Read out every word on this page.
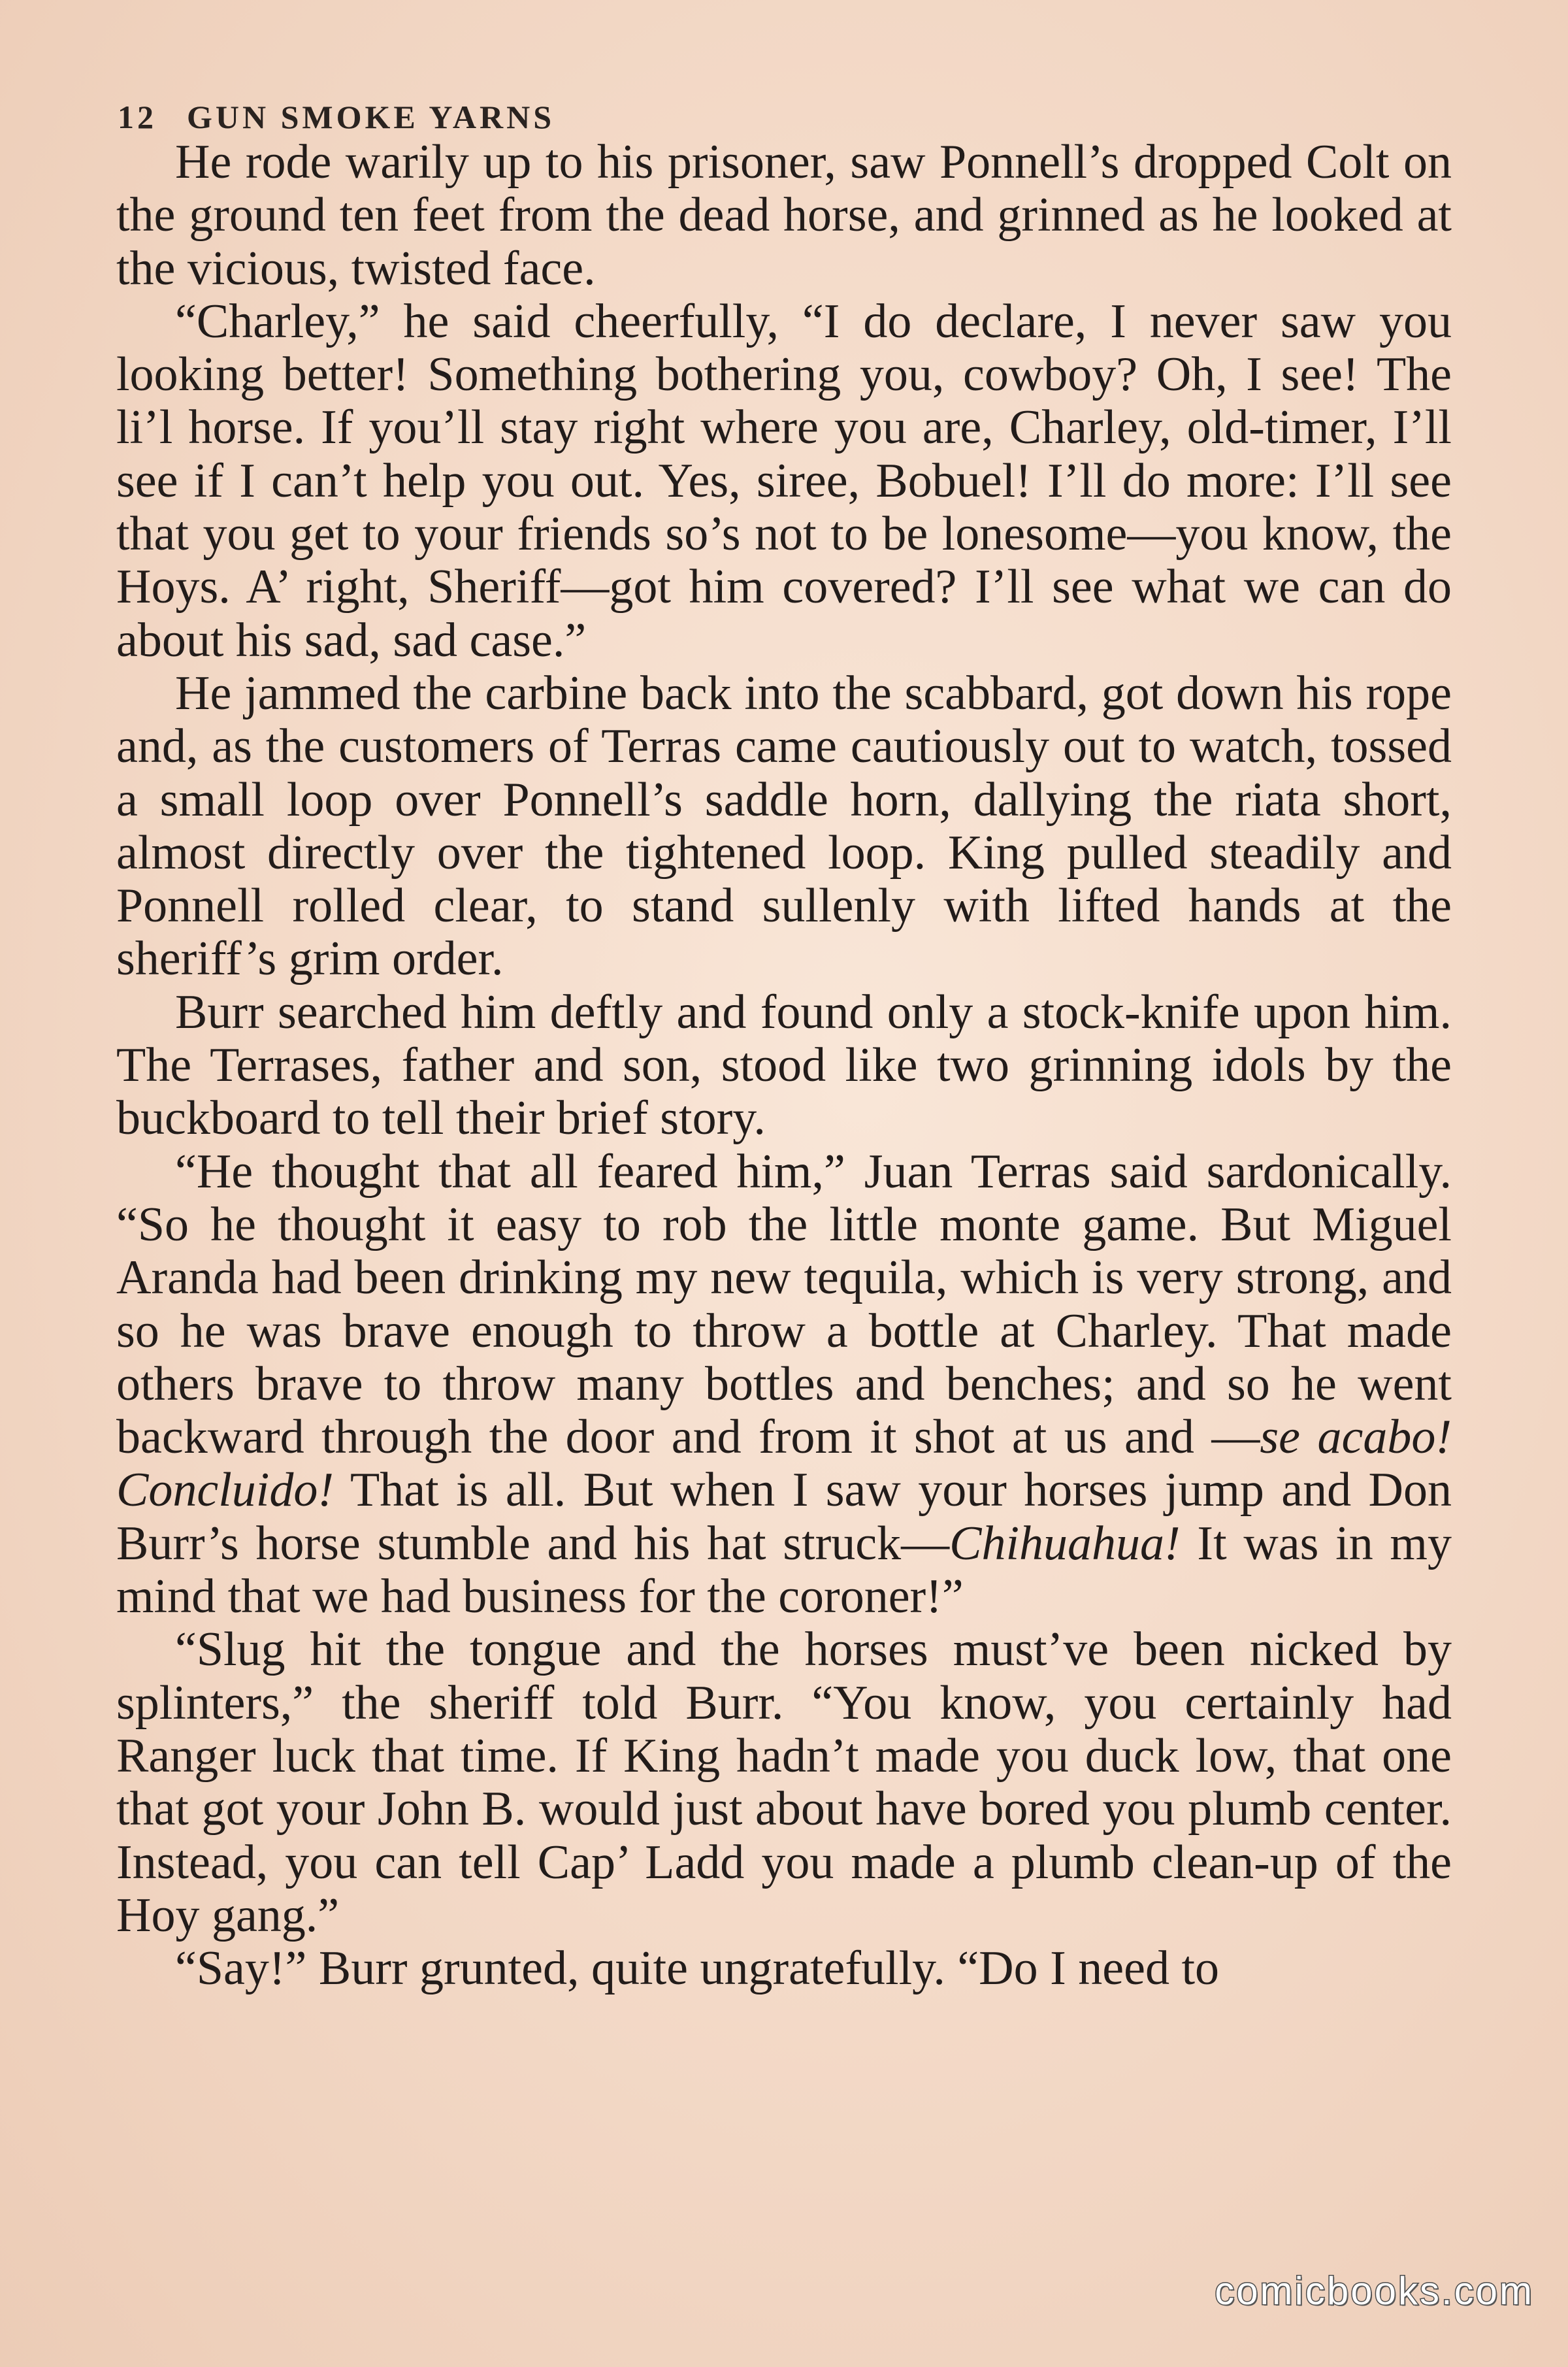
12 GUN SMOKE YARNS

He rode warily up to his prisoner, saw Ponnell’s dropped Colt on the ground ten feet from the dead horse, and grinned as he looked at the vicious, twisted face.

“Charley,” he said cheerfully, “I do declare, I never saw you looking better! Something bothering you, cowboy? Oh, I see! The li’l horse. If you’ll stay right where you are, Charley, old-timer, I’ll see if I can’t help you out. Yes, siree, Bobuel! I’ll do more: I’ll see that you get to your friends so’s not to be lonesome—you know, the Hoys. A’ right, Sheriff—got him covered? I’ll see what we can do about his sad, sad case.”

He jammed the carbine back into the scabbard, got down his rope and, as the customers of Terras came cautiously out to watch, tossed a small loop over Ponnell’s saddle horn, dallying the riata short, almost directly over the tightened loop. King pulled steadily and Ponnell rolled clear, to stand sullenly with lifted hands at the sheriff’s grim order.

Burr searched him deftly and found only a stock-knife upon him. The Terrases, father and son, stood like two grinning idols by the buckboard to tell their brief story.

“He thought that all feared him,” Juan Terras said sardonically. “So he thought it easy to rob the little monte game. But Miguel Aranda had been drinking my new tequila, which is very strong, and so he was brave enough to throw a bottle at Charley. That made others brave to throw many bottles and benches; and so he went backward through the door and from it shot at us and —se acabo! Concluido! That is all. But when I saw your horses jump and Don Burr’s horse stumble and his hat struck—Chihuahua! It was in my mind that we had business for the coroner!”

“Slug hit the tongue and the horses must’ve been nicked by splinters,” the sheriff told Burr. “You know, you certainly had Ranger luck that time. If King hadn’t made you duck low, that one that got your John B. would just about have bored you plumb center. Instead, you can tell Cap’ Ladd you made a plumb clean-up of the Hoy gang.”

“Say!” Burr grunted, quite ungratefully. “Do I need to

comicbooks.com
